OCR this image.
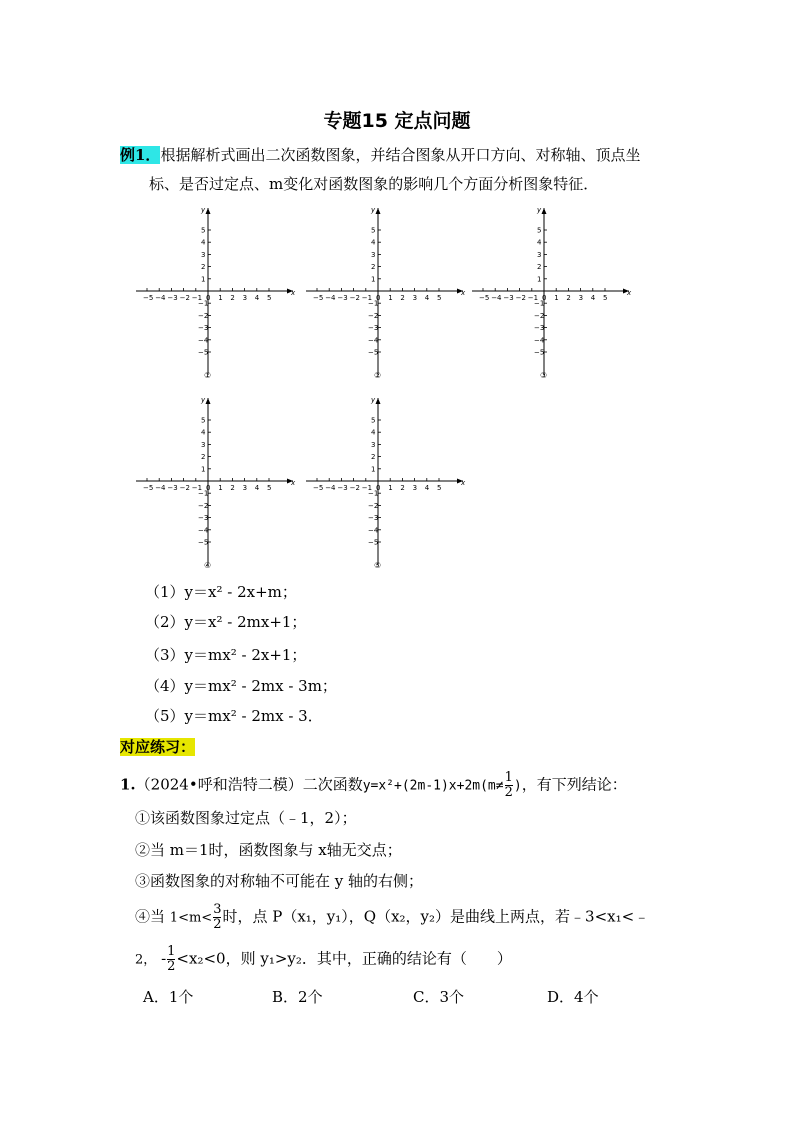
专题15 定点问题
例1．根据解析式画出二次函数图象，并结合图象从开口方向、对称轴、顶点坐
标、是否过定点、m变化对函数图象的影响几个方面分析图象特征．
x
y
−5 −4 −3 −2 −1 0 1 2 3 4 5
5
4
3
2
1
−1
−2
−3
−4
−5
①
x
y
−5 −4 −3 −2 −1 0 1 2 3 4 5
5
4
3
2
1
−1
−2
−3
−4
−5
②
x
y
−5 −4 −3 −2 −1 0 1 2 3 4 5
5
4
3
2
1
−1
−2
−3
−4
−5
③
x
y
−5 −4 −3 −2 −1 0 1 2 3 4 5
5
4
3
2
1
−1
−2
−3
−4
−5
④
x
y
−5 −4 −3 −2 −1 0 1 2 3 4 5
5
4
3
2
1
−1
−2
−3
−4
−5
⑤
（1）y＝x² - 2x+m；
（2）y＝x² - 2mx+1；
（3）y＝mx² - 2x+1；
（4）y＝mx² - 2mx - 3m；
（5）y＝mx² - 2mx - 3．
对应练习：
1.（2024•呼和浩特二模）二次函数$y=x^2+(2m-1)x+2m(m\ne \frac{1}{2}$ )，有下列结论：
①该函数图象过定点（﹣1，2）；
②当 m＝1时，函数图象与 x轴无交点；
③函数图象的对称轴不可能在 y 轴的右侧；
④当 $1<m< \frac{3}{2}$ 时，点 P（x₁，y₁），Q（x₂，y₂）是曲线上两点，若﹣3<x₁<﹣
2， - $\frac{1}{2} <x_2<0$，则 y₁>y₂．其中，正确的结论有（　　）
A．1个	B．2个	C．3个	D．4个
